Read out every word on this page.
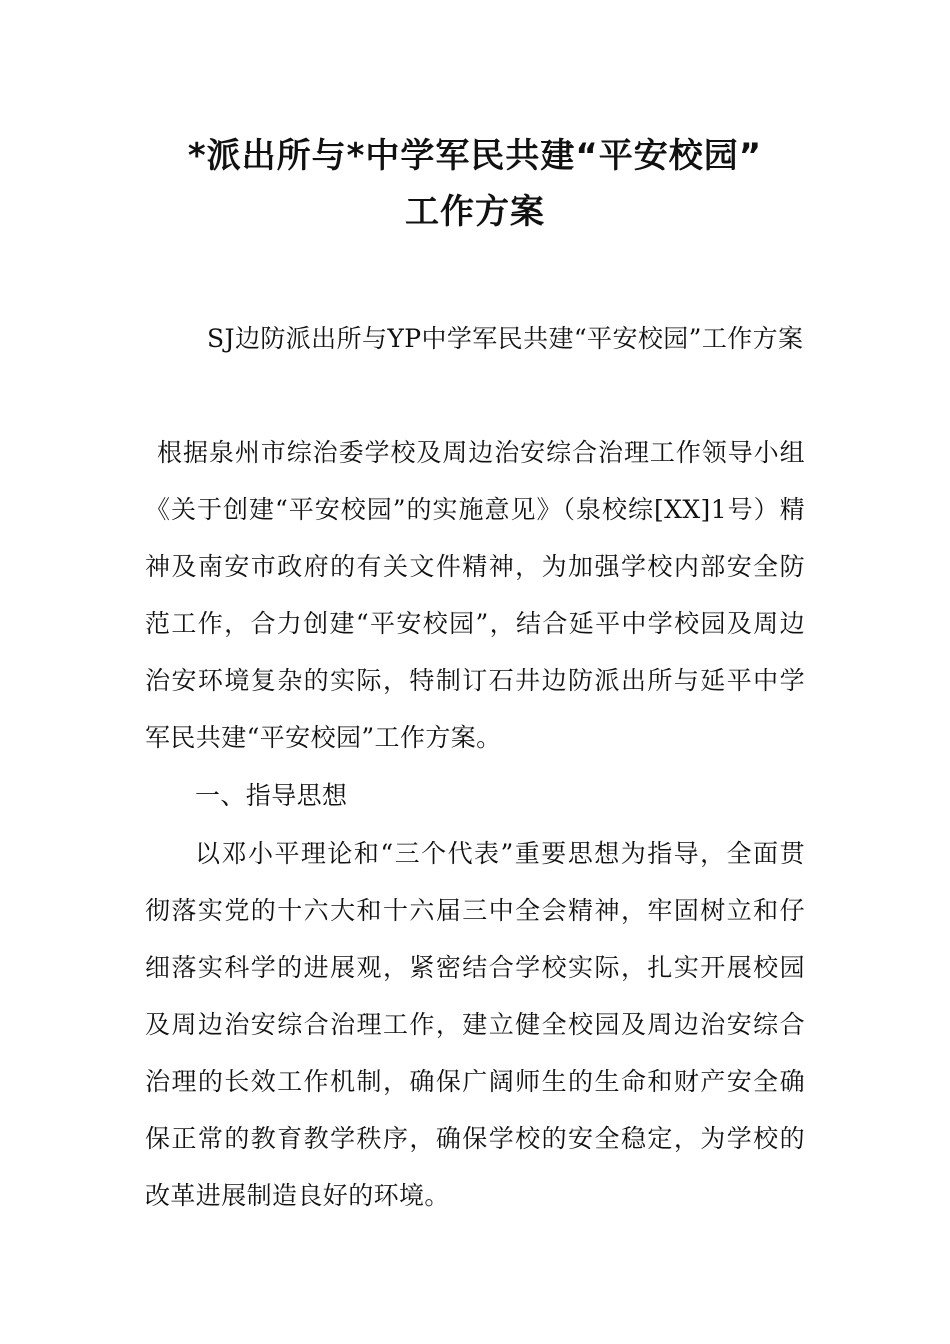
*派出所与*中学军民共建“平安校园”
工作方案
SJ边防派出所与YP中学军民共建“平安校园”工作方案
根据泉州市综治委学校及周边治安综合治理工作领导小组《关于创建“平安校园”的实施意见》（泉校综[XX]1号）精神及南安市政府的有关文件精神，为加强学校内部安全防范工作，合力创建“平安校园”，结合延平中学校园及周边治安环境复杂的实际，特制订石井边防派出所与延平中学军民共建“平安校园”工作方案。
一、指导思想
以邓小平理论和“三个代表”重要思想为指导，全面贯彻落实党的十六大和十六届三中全会精神，牢固树立和仔细落实科学的进展观，紧密结合学校实际，扎实开展校园及周边治安综合治理工作，建立健全校园及周边治安综合治理的长效工作机制，确保广阔师生的生命和财产安全确保正常的教育教学秩序，确保学校的安全稳定，为学校的改革进展制造良好的环境。
